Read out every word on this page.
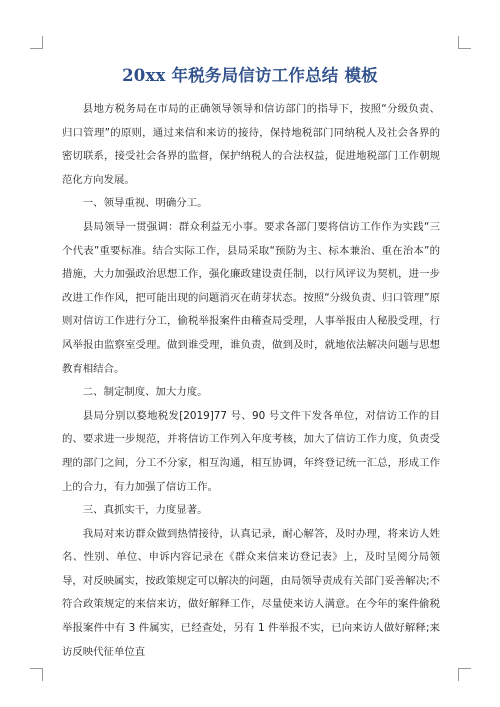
20xx 年税务局信访工作总结 模板

县地方税务局在市局的正确领导领导和信访部门的指导下，按照“分级负责、归口管理”的原则，通过来信和来访的接待，保持地税部门同纳税人及社会各界的密切联系，接受社会各界的监督，保护纳税人的合法权益，促进地税部门工作朝规范化方向发展。

一、领导重视、明确分工。

县局领导一贯强调：群众利益无小事。要求各部门要将信访工作作为实践“三个代表”重要标准。结合实际工作，县局采取“预防为主、标本兼治、重在治本”的措施，大力加强政治思想工作，强化廉政建设责任制，以行风评议为契机，进一步改进工作作风，把可能出现的问题消灭在萌芽状态。按照“分级负责、归口管理”原则对信访工作进行分工，偷税举报案件由稽查局受理，人事举报由人秘股受理，行风举报由监察室受理。做到谁受理，谁负责，做到及时，就地依法解决问题与思想教育相结合。

二、制定制度、加大力度。

县局分别以婺地税发[2019]77 号、90 号文件下发各单位，对信访工作的目的、要求进一步规范，并将信访工作列入年度考核，加大了信访工作力度，负责受理的部门之间，分工不分家，相互沟通，相互协调，年终登记统一汇总，形成工作上的合力，有力加强了信访工作。

三、真抓实干，力度显著。

我局对来访群众做到热情接待，认真记录，耐心解答，及时办理，将来访人姓名、性别、单位、申诉内容记录在《群众来信来访登记表》上，及时呈阅分局领导，对反映属实，按政策规定可以解决的问题，由局领导责成有关部门妥善解决;不符合政策规定的来信来访，做好解释工作，尽量使来访人满意。在今年的案件偷税举报案件中有 3 件属实，已经查处，另有 1 件举报不实，已向来访人做好解释;来访反映代征单位直
